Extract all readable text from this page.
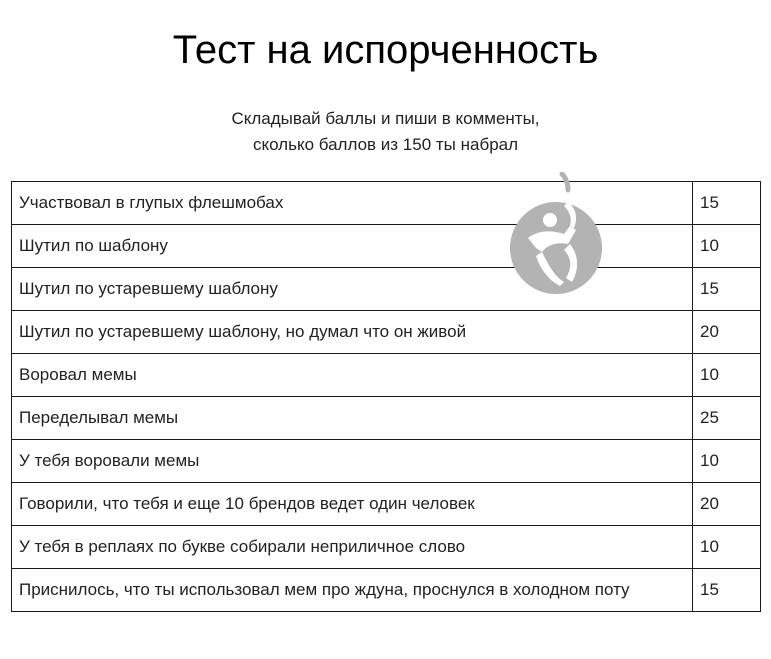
Тест на испорченность
Складывай баллы и пиши в комменты,
сколько баллов из 150 ты набрал
Участвовал в глупых флешмобах	15
Шутил по шаблону	10
Шутил по устаревшему шаблону	15
Шутил по устаревшему шаблону, но думал что он живой	20
Воровал мемы	10
Переделывал мемы	25
У тебя воровали мемы	10
Говорили, что тебя и еще 10 брендов ведет один человек	20
У тебя в реплаях по букве собирали неприличное слово	10
Приснилось, что ты использовал мем про ждуна, проснулся в холодном поту	15
